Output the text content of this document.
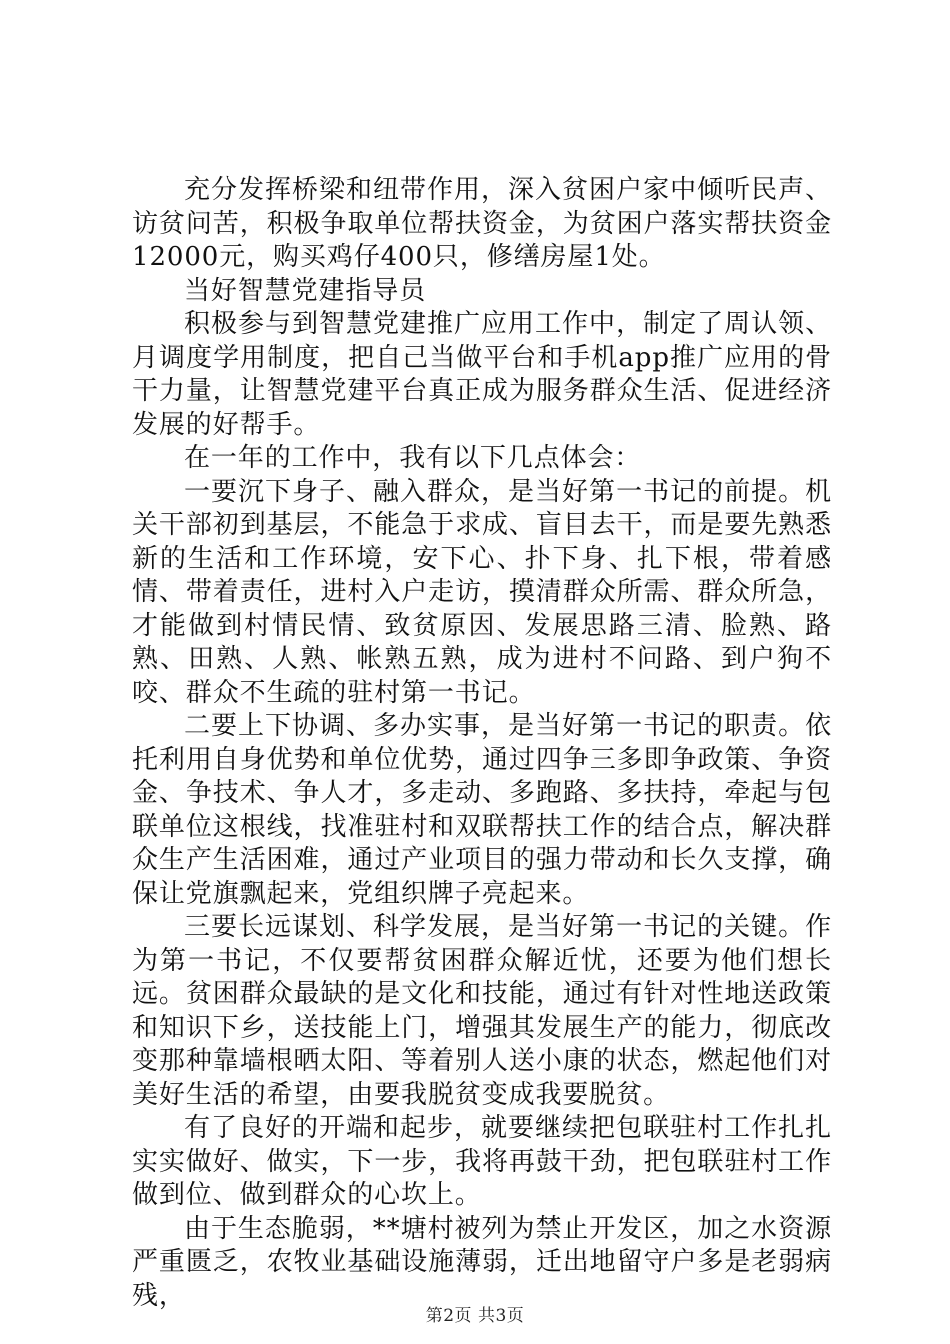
充分发挥桥梁和纽带作用，深入贫困户家中倾听民声、访贫问苦，积极争取单位帮扶资金，为贫困户落实帮扶资金12000元，购买鸡仔400只，修缮房屋1处。

当好智慧党建指导员

积极参与到智慧党建推广应用工作中，制定了周认领、月调度学用制度，把自己当做平台和手机app推广应用的骨干力量，让智慧党建平台真正成为服务群众生活、促进经济发展的好帮手。

在一年的工作中，我有以下几点体会：

一要沉下身子、融入群众，是当好第一书记的前提。机关干部初到基层，不能急于求成、盲目去干，而是要先熟悉新的生活和工作环境，安下心、扑下身、扎下根，带着感情、带着责任，进村入户走访，摸清群众所需、群众所急，才能做到村情民情、致贫原因、发展思路三清、脸熟、路熟、田熟、人熟、帐熟五熟，成为进村不问路、到户狗不咬、群众不生疏的驻村第一书记。

二要上下协调、多办实事，是当好第一书记的职责。依托利用自身优势和单位优势，通过四争三多即争政策、争资金、争技术、争人才，多走动、多跑路、多扶持，牵起与包联单位这根线，找准驻村和双联帮扶工作的结合点，解决群众生产生活困难，通过产业项目的强力带动和长久支撑，确保让党旗飘起来，党组织牌子亮起来。

三要长远谋划、科学发展，是当好第一书记的关键。作为第一书记，不仅要帮贫困群众解近忧，还要为他们想长远。贫困群众最缺的是文化和技能，通过有针对性地送政策和知识下乡，送技能上门，增强其发展生产的能力，彻底改变那种靠墙根晒太阳、等着别人送小康的状态，燃起他们对美好生活的希望，由要我脱贫变成我要脱贫。

有了良好的开端和起步，就要继续把包联驻村工作扎扎实实做好、做实，下一步，我将再鼓干劲，把包联驻村工作做到位、做到群众的心坎上。

由于生态脆弱，**塘村被列为禁止开发区，加之水资源严重匮乏，农牧业基础设施薄弱，迁出地留守户多是老弱病残，

第2页 共3页
